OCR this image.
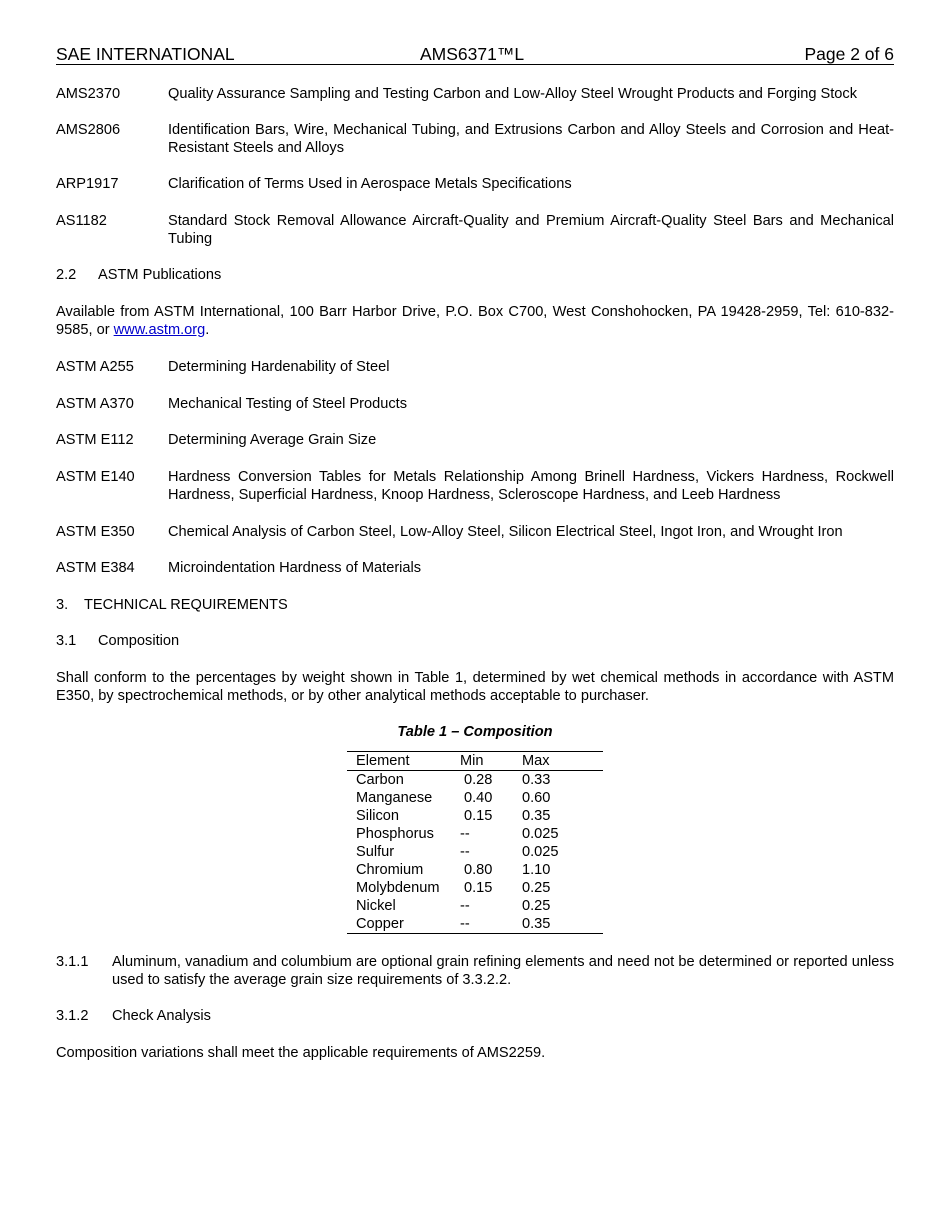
SAE INTERNATIONAL	AMS6371™L	Page 2 of 6
AMS2370	Quality Assurance Sampling and Testing Carbon and Low-Alloy Steel Wrought Products and Forging Stock
AMS2806	Identification Bars, Wire, Mechanical Tubing, and Extrusions Carbon and Alloy Steels and Corrosion and Heat-Resistant Steels and Alloys
ARP1917	Clarification of Terms Used in Aerospace Metals Specifications
AS1182	Standard Stock Removal Allowance Aircraft-Quality and Premium Aircraft-Quality Steel Bars and Mechanical Tubing
2.2	ASTM Publications
Available from ASTM International, 100 Barr Harbor Drive, P.O. Box C700, West Conshohocken, PA 19428-2959, Tel: 610-832-9585, or www.astm.org.
ASTM A255	Determining Hardenability of Steel
ASTM A370	Mechanical Testing of Steel Products
ASTM E112	Determining Average Grain Size
ASTM E140	Hardness Conversion Tables for Metals Relationship Among Brinell Hardness, Vickers Hardness, Rockwell Hardness, Superficial Hardness, Knoop Hardness, Scleroscope Hardness, and Leeb Hardness
ASTM E350	Chemical Analysis of Carbon Steel, Low-Alloy Steel, Silicon Electrical Steel, Ingot Iron, and Wrought Iron
ASTM E384	Microindentation Hardness of Materials
3.	TECHNICAL REQUIREMENTS
3.1	Composition
Shall conform to the percentages by weight shown in Table 1, determined by wet chemical methods in accordance with ASTM E350, by spectrochemical methods, or by other analytical methods acceptable to purchaser.
Table 1 – Composition
Element	Min	Max
Carbon	0.28	0.33
Manganese	0.40	0.60
Silicon	0.15	0.35
Phosphorus	--	0.025
Sulfur	--	0.025
Chromium	0.80	1.10
Molybdenum	0.15	0.25
Nickel	--	0.25
Copper	--	0.35
3.1.1	Aluminum, vanadium and columbium are optional grain refining elements and need not be determined or reported unless used to satisfy the average grain size requirements of 3.3.2.2.
3.1.2	Check Analysis
Composition variations shall meet the applicable requirements of AMS2259.
